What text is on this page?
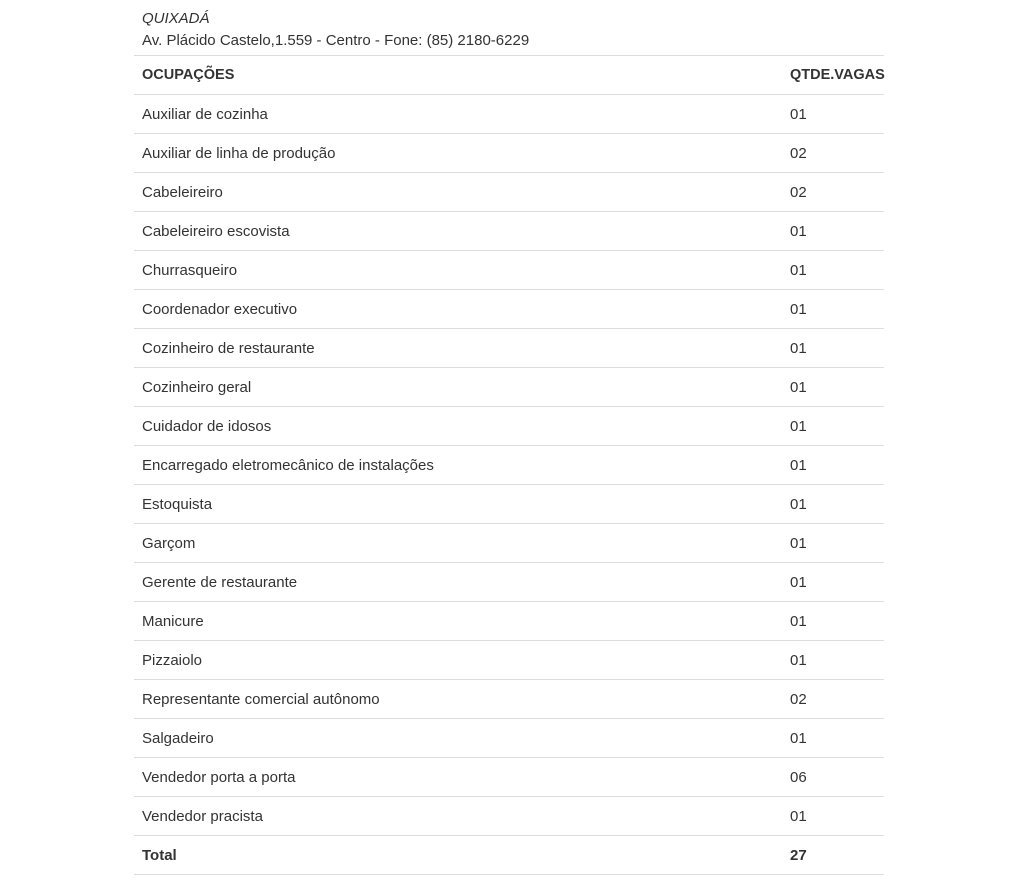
QUIXADÁ
Av. Plácido Castelo,1.559 - Centro - Fone: (85) 2180-6229
OCUPAÇÕES	QTDE.VAGAS
Auxiliar de cozinha	01
Auxiliar de linha de produção	02
Cabeleireiro	02
Cabeleireiro escovista	01
Churrasqueiro	01
Coordenador executivo	01
Cozinheiro de restaurante	01
Cozinheiro geral	01
Cuidador de idosos	01
Encarregado eletromecânico de instalações	01
Estoquista	01
Garçom	01
Gerente de restaurante	01
Manicure	01
Pizzaiolo	01
Representante comercial autônomo	02
Salgadeiro	01
Vendedor porta a porta	06
Vendedor pracista	01
Total	27
